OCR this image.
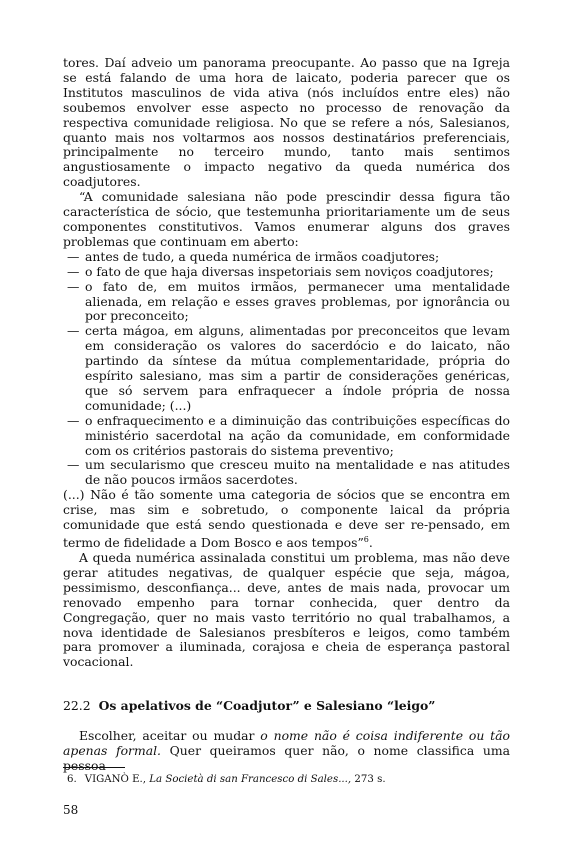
tores. Daí adveio um panorama preocupante. Ao passo que na Igreja se está falando de uma hora de laicato, poderia parecer que os Institutos masculinos de vida ativa (nós incluídos entre eles) não soubemos envolver esse aspecto no processo de renovação da respectiva comunidade religiosa. No que se refere a nós, Salesianos, quanto mais nos voltarmos aos nossos destinatários preferenciais, principalmente no terceiro mundo, tanto mais sentimos angustiosamente o impacto negativo da queda numérica dos coadjutores.

“A comunidade salesiana não pode prescindir dessa figura tão característica de sócio, que testemunha prioritariamente um de seus componentes constitutivos. Vamos enumerar alguns dos graves problemas que continuam em aberto:

— antes de tudo, a queda numérica de irmãos coadjutores;
— o fato de que haja diversas inspetoriais sem noviços coadjutores;
— o fato de, em muitos irmãos, permanecer uma mentalidade alienada, em relação e esses graves problemas, por ignorância ou por preconceito;
— certa mágoa, em alguns, alimentadas por preconceitos que levam em consideração os valores do sacerdócio e do laicato, não partindo da síntese da mútua complementaridade, própria do espírito salesiano, mas sim a partir de considerações genéricas, que só servem para enfraquecer a índole própria de nossa comunidade; (...)
— o enfraquecimento e a diminuição das contribuições específicas do ministério sacerdotal na ação da comunidade, em conformidade com os critérios pastorais do sistema preventivo;
— um secularismo que cresceu muito na mentalidade e nas atitudes de não poucos irmãos sacerdotes.

(...) Não é tão somente uma categoria de sócios que se encontra em crise, mas sim e sobretudo, o componente laical da própria comunidade que está sendo questionada e deve ser re-pensado, em termo de fidelidade a Dom Bosco e aos tempos”$^6$.

A queda numérica assinalada constitui um problema, mas não deve gerar atitudes negativas, de qualquer espécie que seja, mágoa, pessimismo, desconfiança... deve, antes de mais nada, provocar um renovado empenho para tornar conhecida, quer dentro da Congregação, quer no mais vasto território no qual trabalhamos, a nova identidade de Salesianos presbíteros e leigos, como também para promover a iluminada, corajosa e cheia de esperança pastoral vocacional.

22.2 Os apelativos de “Coadjutor” e Salesiano “leigo”

Escolher, aceitar ou mudar o nome não é coisa indiferente ou tão apenas formal. Quer queiramos quer não, o nome classifica uma pessoa

6. VIGANÒ E., La Società di san Francesco di Sales..., 273 s.
58
